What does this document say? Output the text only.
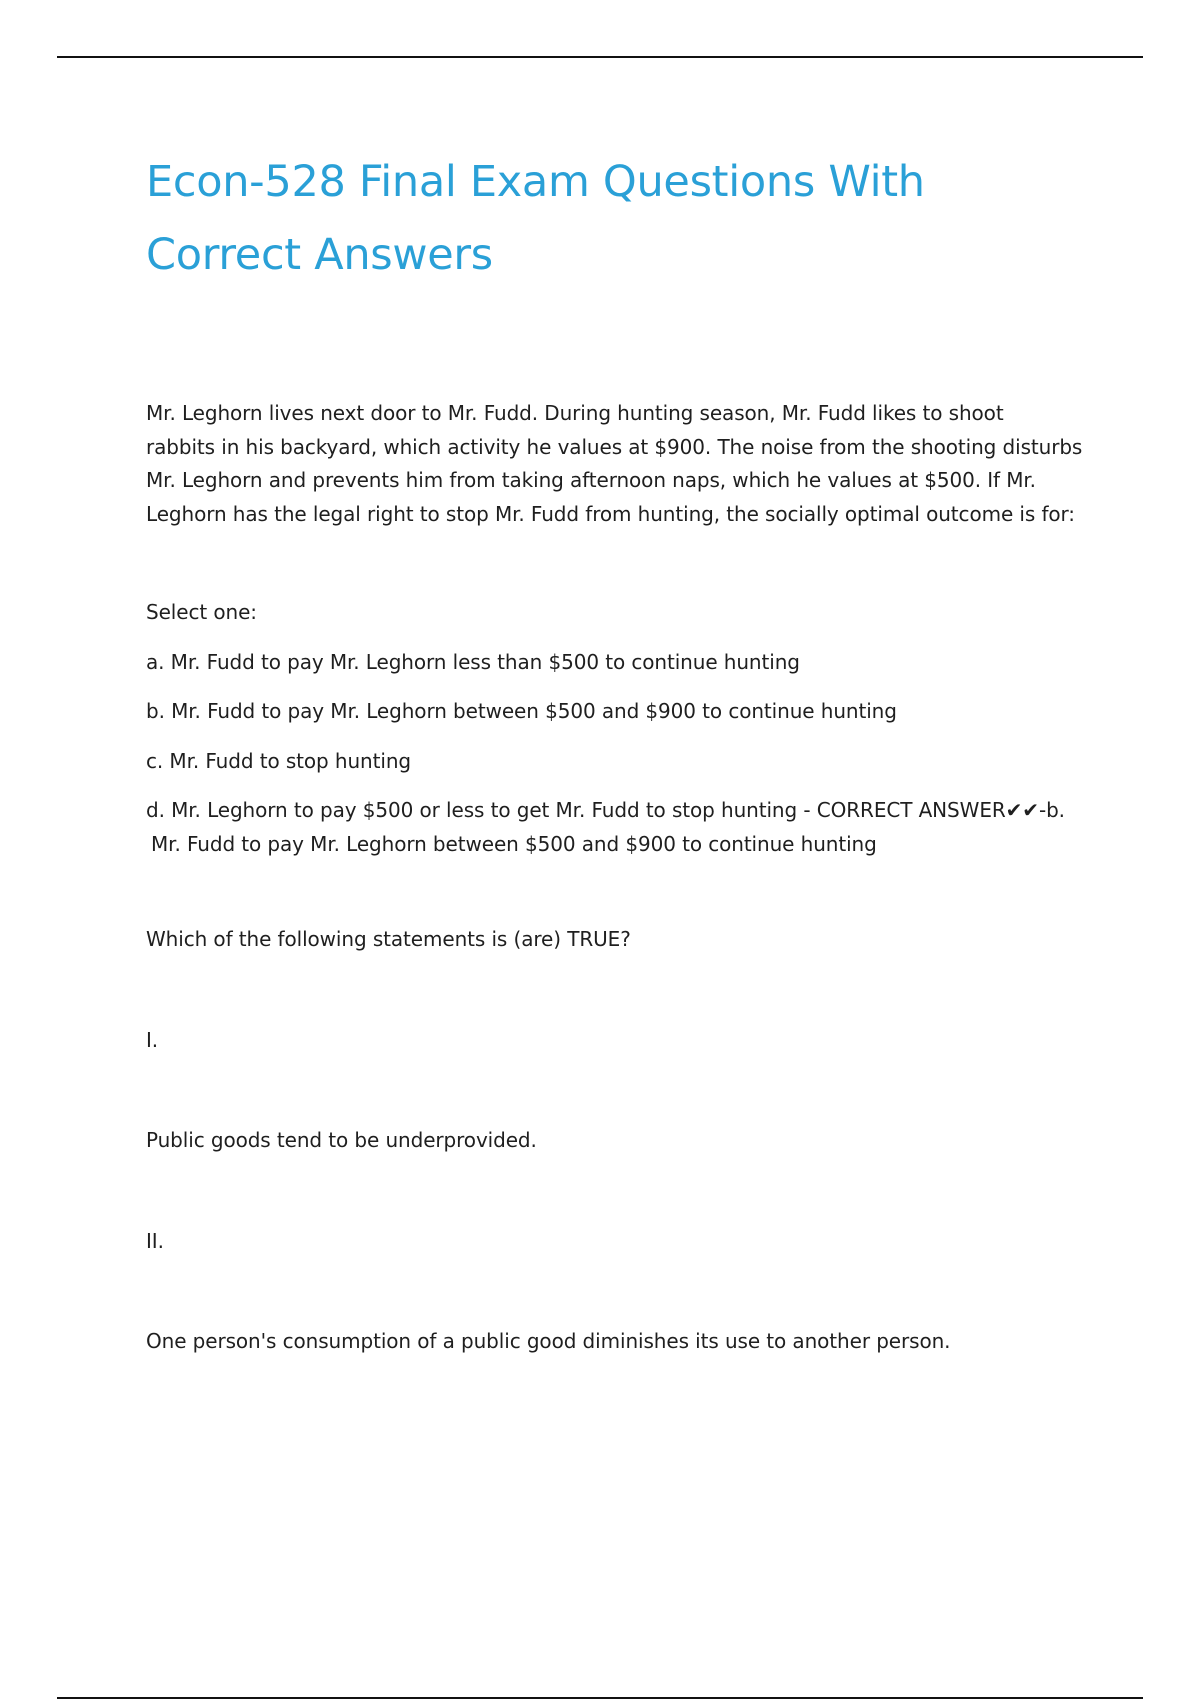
Econ-528 Final Exam Questions With
Correct Answers

Mr. Leghorn lives next door to Mr. Fudd. During hunting season, Mr. Fudd likes to shoot
rabbits in his backyard, which activity he values at $900. The noise from the shooting disturbs
Mr. Leghorn and prevents him from taking afternoon naps, which he values at $500. If Mr.
Leghorn has the legal right to stop Mr. Fudd from hunting, the socially optimal outcome is for:

Select one:

a. Mr. Fudd to pay Mr. Leghorn less than $500 to continue hunting

b. Mr. Fudd to pay Mr. Leghorn between $500 and $900 to continue hunting

c. Mr. Fudd to stop hunting

d. Mr. Leghorn to pay $500 or less to get Mr. Fudd to stop hunting - CORRECT ANSWER✔✔-b.
Mr. Fudd to pay Mr. Leghorn between $500 and $900 to continue hunting

Which of the following statements is (are) TRUE?

I.

Public goods tend to be underprovided.

II.

One person's consumption of a public good diminishes its use to another person.
